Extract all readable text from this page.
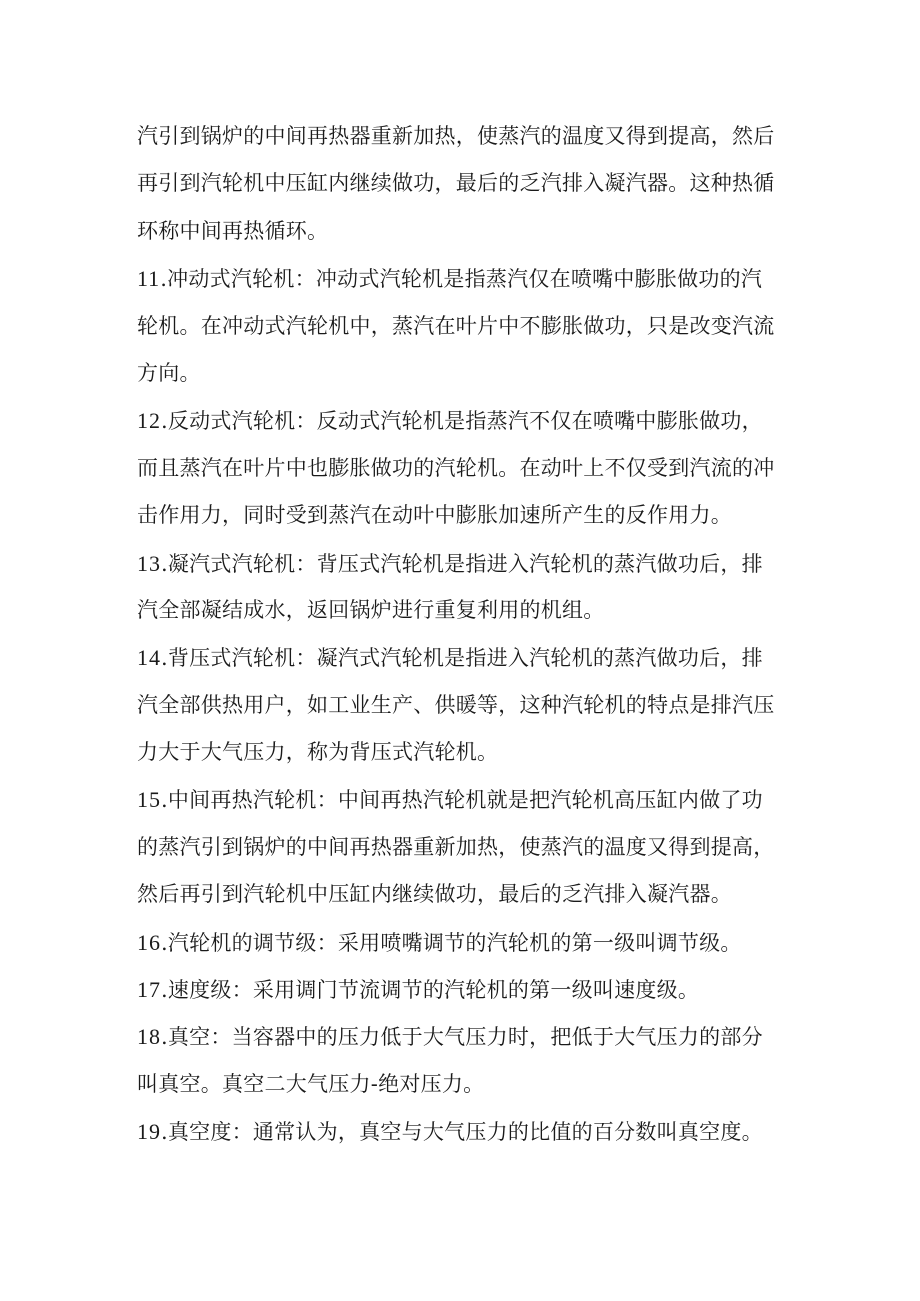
汽引到锅炉的中间再热器重新加热，使蒸汽的温度又得到提高，然后
再引到汽轮机中压缸内继续做功，最后的乏汽排入凝汽器。这种热循
环称中间再热循环。
11.冲动式汽轮机：冲动式汽轮机是指蒸汽仅在喷嘴中膨胀做功的汽
轮机。在冲动式汽轮机中，蒸汽在叶片中不膨胀做功，只是改变汽流
方向。
12.反动式汽轮机：反动式汽轮机是指蒸汽不仅在喷嘴中膨胀做功，
而且蒸汽在叶片中也膨胀做功的汽轮机。在动叶上不仅受到汽流的冲
击作用力，同时受到蒸汽在动叶中膨胀加速所产生的反作用力。
13.凝汽式汽轮机：背压式汽轮机是指进入汽轮机的蒸汽做功后，排
汽全部凝结成水，返回锅炉进行重复利用的机组。
14.背压式汽轮机：凝汽式汽轮机是指进入汽轮机的蒸汽做功后，排
汽全部供热用户，如工业生产、供暖等，这种汽轮机的特点是排汽压
力大于大气压力，称为背压式汽轮机。
15.中间再热汽轮机：中间再热汽轮机就是把汽轮机高压缸内做了功
的蒸汽引到锅炉的中间再热器重新加热，使蒸汽的温度又得到提高，
然后再引到汽轮机中压缸内继续做功，最后的乏汽排入凝汽器。
16.汽轮机的调节级：采用喷嘴调节的汽轮机的第一级叫调节级。
17.速度级：采用调门节流调节的汽轮机的第一级叫速度级。
18.真空：当容器中的压力低于大气压力时，把低于大气压力的部分
叫真空。真空二大气压力-绝对压力。
19.真空度：通常认为，真空与大气压力的比值的百分数叫真空度。
